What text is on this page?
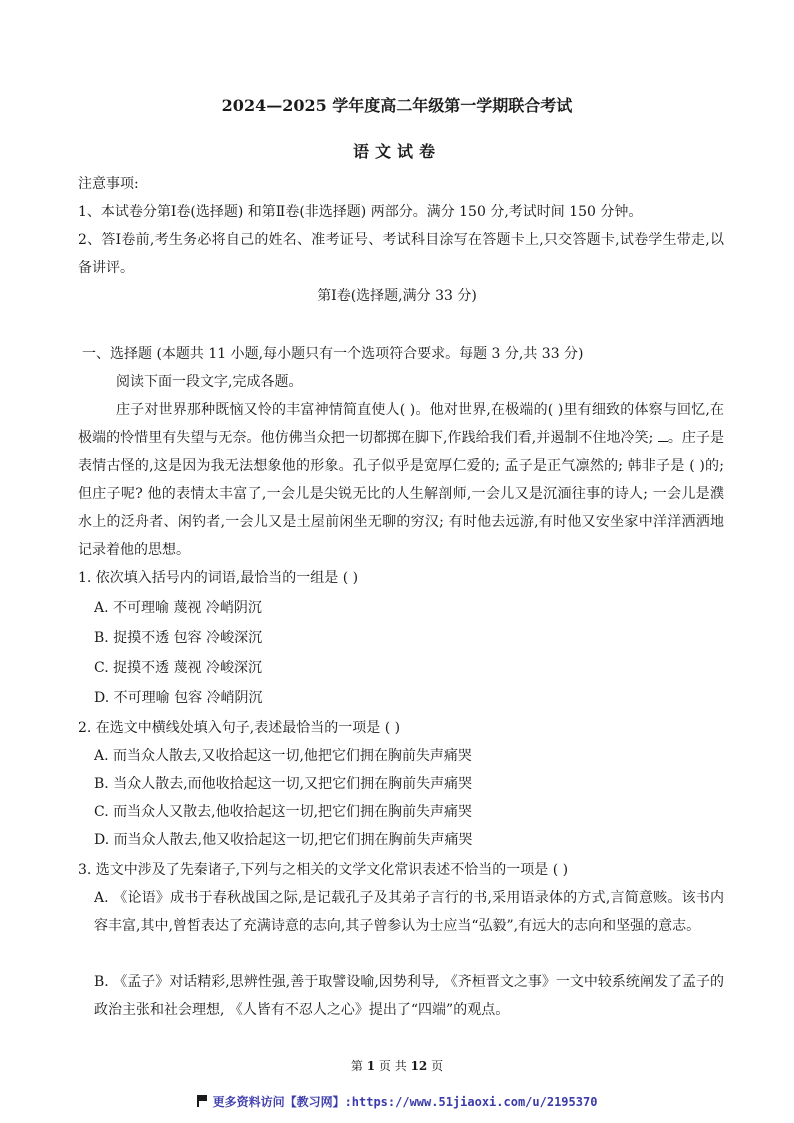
2024—2025 学年度高二年级第一学期联合考试
语文试卷
注意事项:
1、本试卷分第Ⅰ卷(选择题) 和第Ⅱ卷(非选择题) 两部分。满分 150 分,考试时间 150 分钟。
2、答Ⅰ卷前,考生务必将自己的姓名、准考证号、考试科目涂写在答题卡上,只交答题卡,试卷学生带走,以备讲评。
第Ⅰ卷(选择题,满分 33 分)
一、选择题 (本题共 11 小题,每小题只有一个选项符合要求。每题 3 分,共 33 分)
阅读下面一段文字,完成各题。
庄子对世界那种既恼又怜的丰富神情简直使人( )。他对世界,在极端的( )里有细致的体察与回忆,在极端的怜惜里有失望与无奈。他仿佛当众把一切都掷在脚下,作践给我们看,并遏制不住地冷笑; 。庄子是表情古怪的,这是因为我无法想象他的形象。孔子似乎是宽厚仁爱的; 孟子是正气凛然的; 韩非子是 ( )的; 但庄子呢? 他的表情太丰富了,一会儿是尖锐无比的人生解剖师,一会儿又是沉湎往事的诗人; 一会儿是濮水上的泛舟者、闲钓者,一会儿又是土屋前闲坐无聊的穷汉; 有时他去远游,有时他又安坐家中洋洋洒洒地记录着他的思想。
1. 依次填入括号内的词语,最恰当的一组是 ( )
A. 不可理喻 蔑视 冷峭阴沉
B. 捉摸不透 包容 冷峻深沉
C. 捉摸不透 蔑视 冷峻深沉
D. 不可理喻 包容 冷峭阴沉
2. 在选文中横线处填入句子,表述最恰当的一项是 ( )
A. 而当众人散去,又收拾起这一切,他把它们拥在胸前失声痛哭
B. 当众人散去,而他收拾起这一切,又把它们拥在胸前失声痛哭
C. 而当众人又散去,他收拾起这一切,把它们拥在胸前失声痛哭
D. 而当众人散去,他又收拾起这一切,把它们拥在胸前失声痛哭
3. 选文中涉及了先秦诸子,下列与之相关的文学文化常识表述不恰当的一项是 ( )
A. 《论语》成书于春秋战国之际,是记载孔子及其弟子言行的书,采用语录体的方式,言简意赅。该书内容丰富,其中,曾皙表达了充满诗意的志向,其子曾参认为士应当“弘毅”,有远大的志向和坚强的意志。
B. 《孟子》对话精彩,思辨性强,善于取譬设喻,因势利导, 《齐桓晋文之事》一文中较系统阐发了孟子的政治主张和社会理想, 《人皆有不忍人之心》提出了“四端”的观点。
第 1 页 共 12 页
更多资料访问【教习网】:https://www.51jiaoxi.com/u/2195370
